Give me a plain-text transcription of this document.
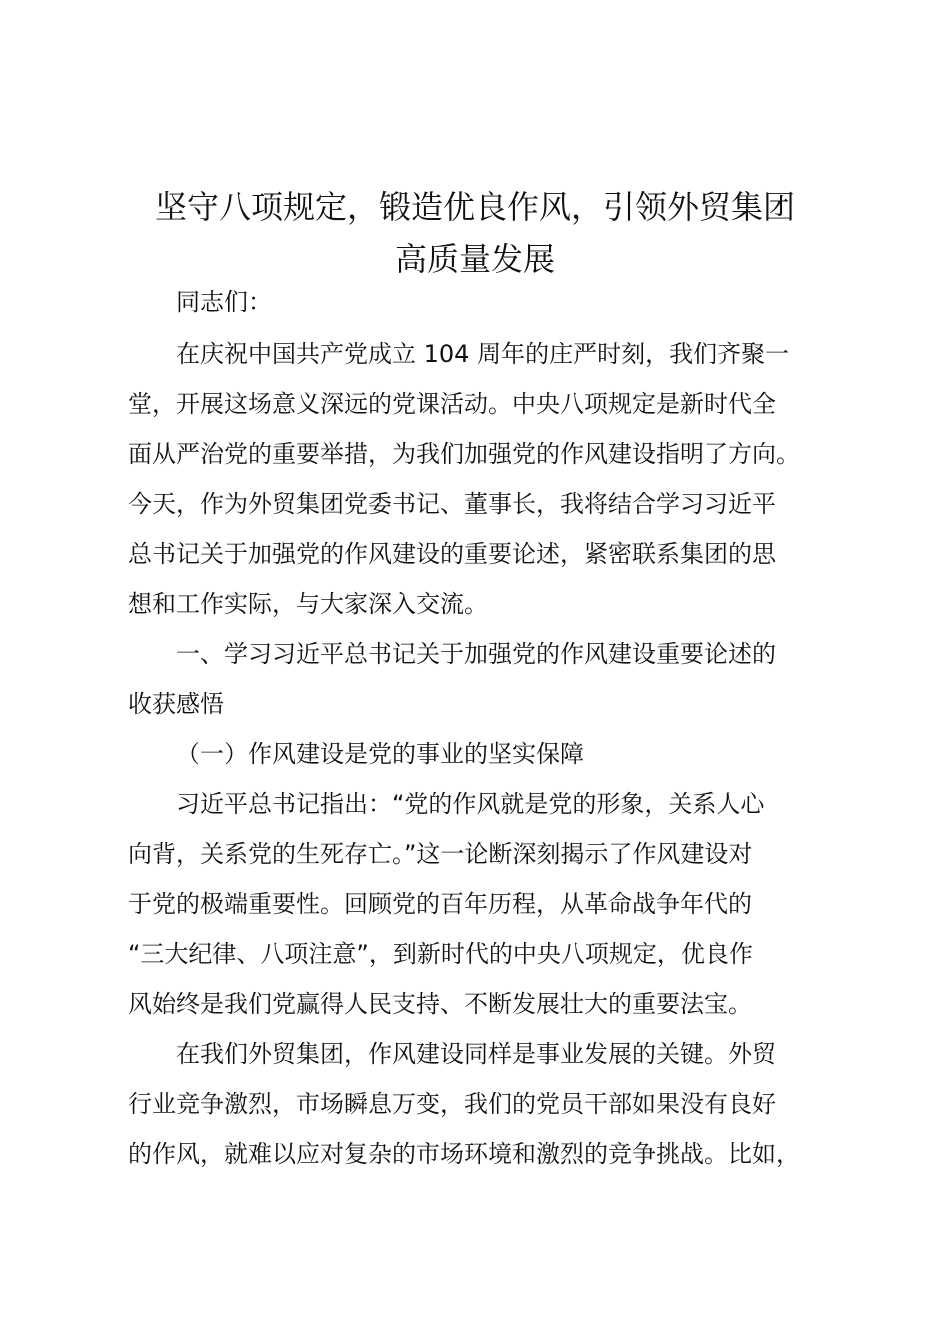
坚守八项规定，锻造优良作风，引领外贸集团
高质量发展
同志们：
在庆祝中国共产党成立 104 周年的庄严时刻，我们齐聚一
堂，开展这场意义深远的党课活动。中央八项规定是新时代全
面从严治党的重要举措，为我们加强党的作风建设指明了方向。
今天，作为外贸集团党委书记、董事长，我将结合学习习近平
总书记关于加强党的作风建设的重要论述，紧密联系集团的思
想和工作实际，与大家深入交流。
一、学习习近平总书记关于加强党的作风建设重要论述的
收获感悟
（一）作风建设是党的事业的坚实保障
习近平总书记指出：“党的作风就是党的形象，关系人心
向背，关系党的生死存亡。”这一论断深刻揭示了作风建设对
于党的极端重要性。回顾党的百年历程，从革命战争年代的
“三大纪律、八项注意”，到新时代的中央八项规定，优良作
风始终是我们党赢得人民支持、不断发展壮大的重要法宝。
在我们外贸集团，作风建设同样是事业发展的关键。外贸
行业竞争激烈，市场瞬息万变，我们的党员干部如果没有良好
的作风，就难以应对复杂的市场环境和激烈的竞争挑战。比如，
